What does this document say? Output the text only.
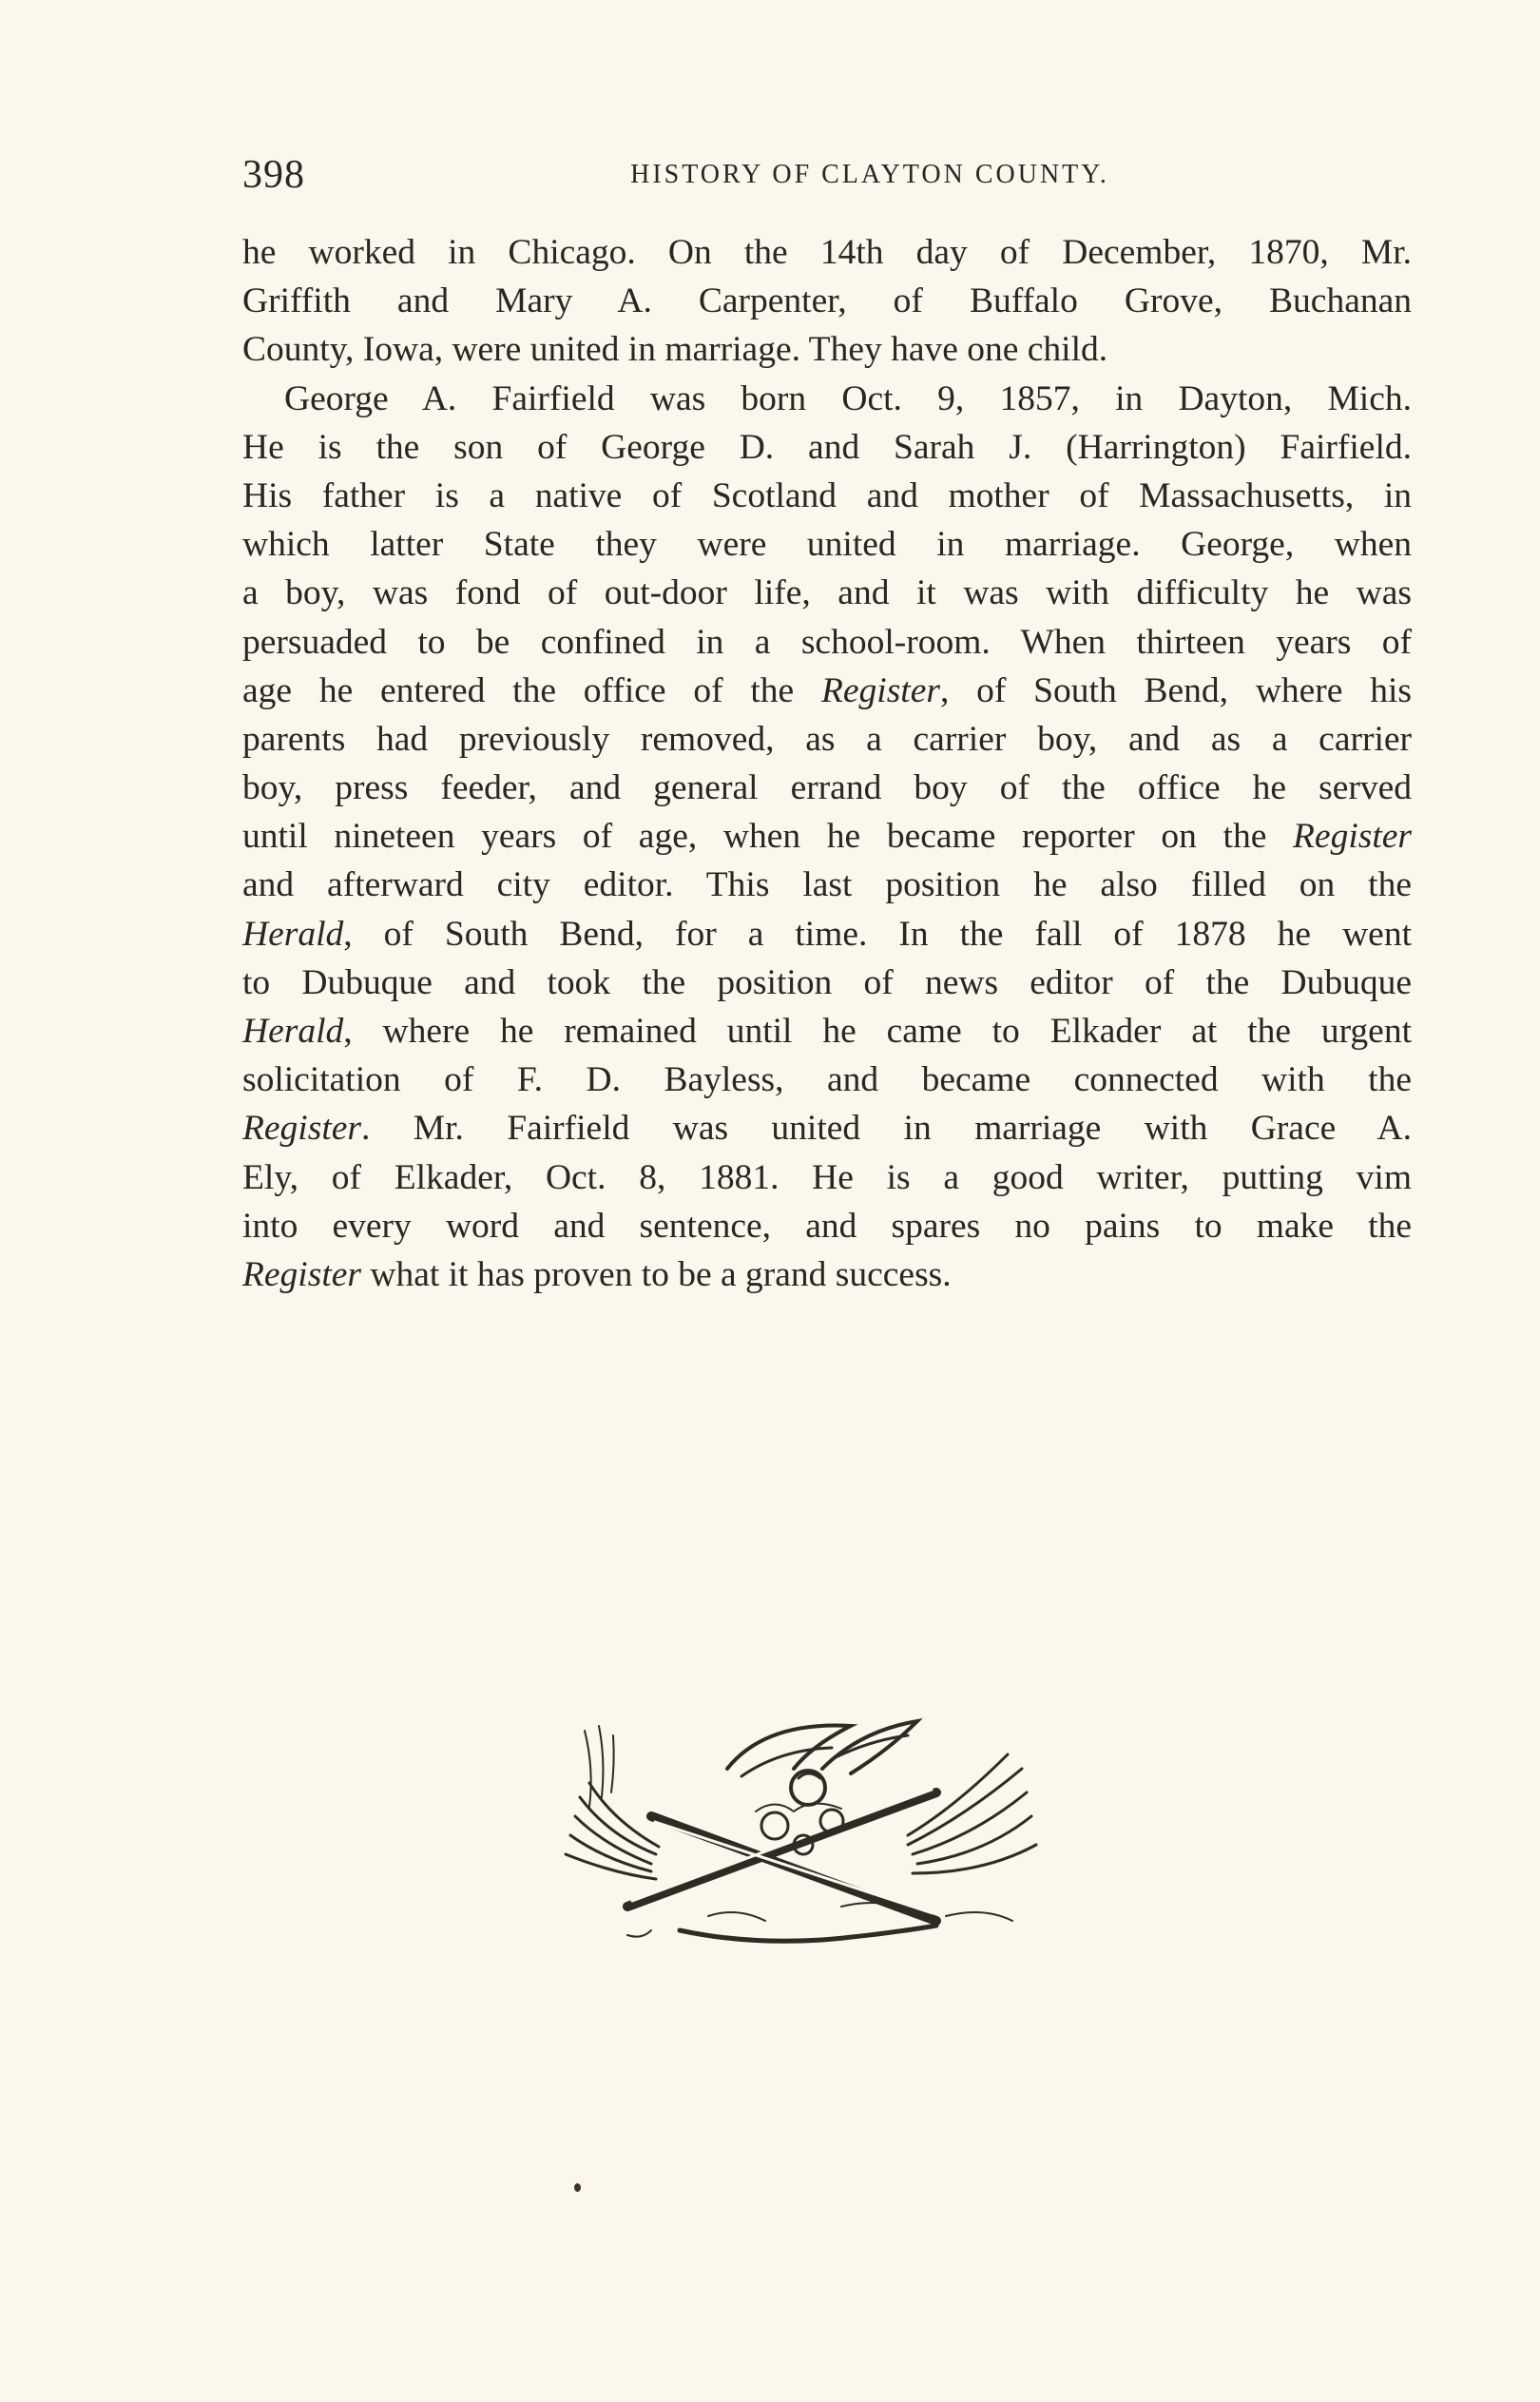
398	HISTORY OF CLAYTON COUNTY.
he worked in Chicago. On the 14th day of December, 1870, Mr.
Griffith and Mary A. Carpenter, of Buffalo Grove, Buchanan
County, Iowa, were united in marriage. They have one child.
George A. Fairfield was born Oct. 9, 1857, in Dayton, Mich.
He is the son of George D. and Sarah J. (Harrington) Fairfield.
His father is a native of Scotland and mother of Massachusetts, in
which latter State they were united in marriage. George, when
a boy, was fond of out-door life, and it was with difficulty he was
persuaded to be confined in a school-room. When thirteen years of
age he entered the office of the Register, of South Bend, where his
parents had previously removed, as a carrier boy, and as a carrier
boy, press feeder, and general errand boy of the office he served
until nineteen years of age, when he became reporter on the Register
and afterward city editor. This last position he also filled on the
Herald, of South Bend, for a time. In the fall of 1878 he went
to Dubuque and took the position of news editor of the Dubuque
Herald, where he remained until he came to Elkader at the urgent
solicitation of F. D. Bayless, and became connected with the
Register. Mr. Fairfield was united in marriage with Grace A.
Ely, of Elkader, Oct. 8, 1881. He is a good writer, putting vim
into every word and sentence, and spares no pains to make the
Register what it has proven to be a grand success.
